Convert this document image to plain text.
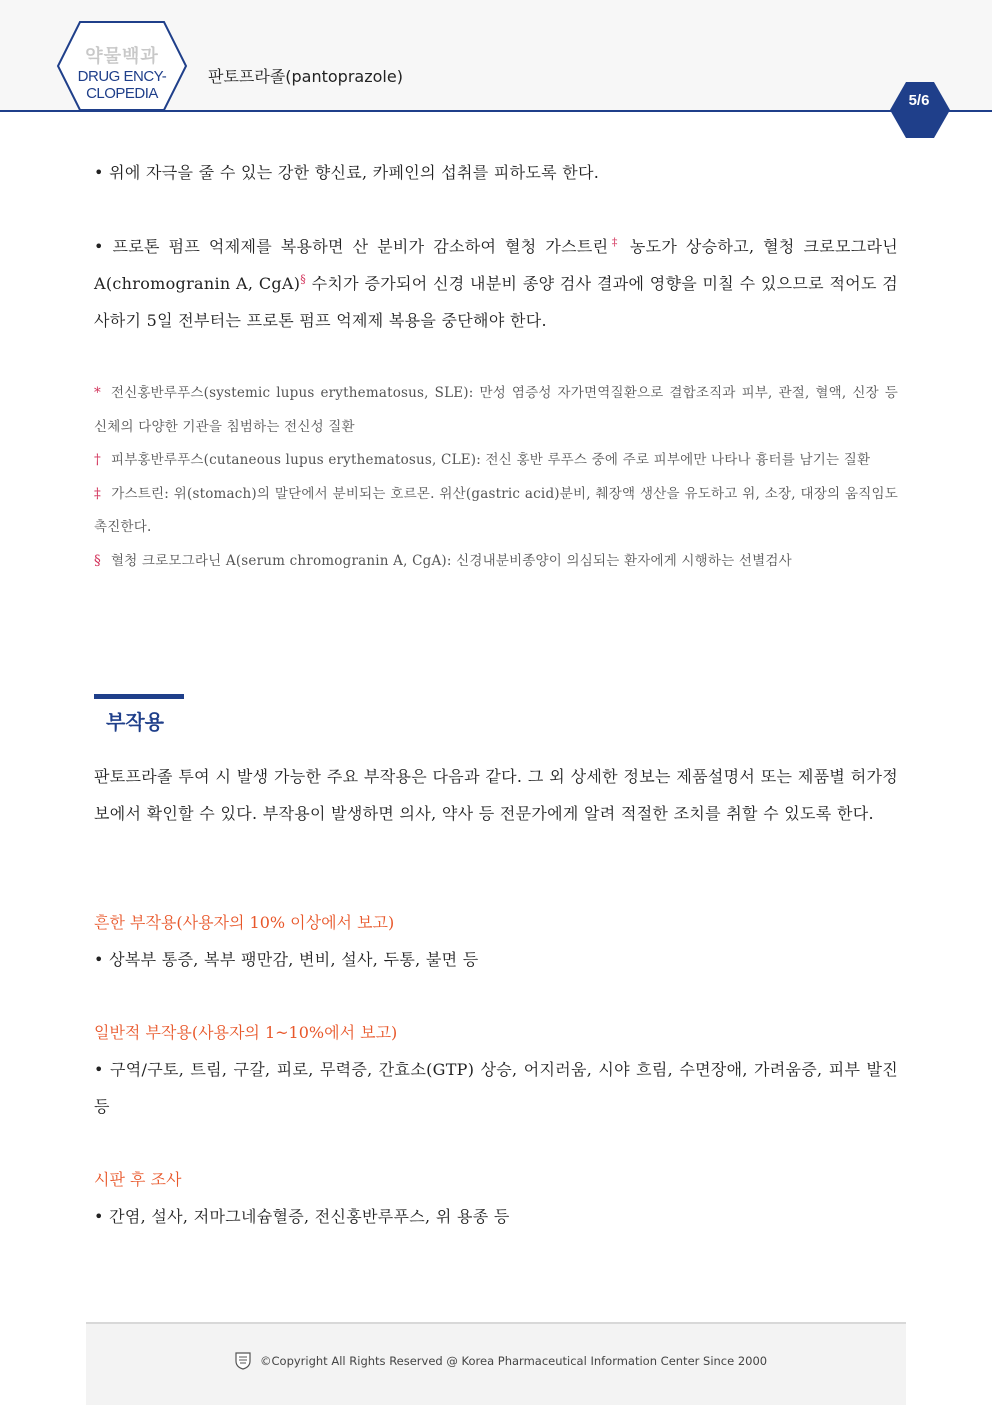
약물백과
DRUG ENCY-
CLOPEDIA
판토프라졸(pantoprazole)
5/6

• 위에 자극을 줄 수 있는 강한 향신료, 카페인의 섭취를 피하도록 한다.

• 프로톤 펌프 억제제를 복용하면 산 분비가 감소하여 혈청 가스트린‡ 농도가 상승하고, 혈청 크로모그라닌 A(chromogranin A, CgA)§ 수치가 증가되어 신경 내분비 종양 검사 결과에 영향을 미칠 수 있으므로 적어도 검사하기 5일 전부터는 프로톤 펌프 억제제 복용을 중단해야 한다.

* 전신홍반루푸스(systemic lupus erythematosus, SLE): 만성 염증성 자가면역질환으로 결합조직과 피부, 관절, 혈액, 신장 등 신체의 다양한 기관을 침범하는 전신성 질환

† 피부홍반루푸스(cutaneous lupus erythematosus, CLE): 전신 홍반 루푸스 중에 주로 피부에만 나타나 흉터를 남기는 질환

‡ 가스트린: 위(stomach)의 말단에서 분비되는 호르몬. 위산(gastric acid)분비, 췌장액 생산을 유도하고 위, 소장, 대장의 움직임도 촉진한다.

§ 혈청 크로모그라닌 A(serum chromogranin A, CgA): 신경내분비종양이 의심되는 환자에게 시행하는 선별검사

부작용

판토프라졸 투여 시 발생 가능한 주요 부작용은 다음과 같다. 그 외 상세한 정보는 제품설명서 또는 제품별 허가정보에서 확인할 수 있다. 부작용이 발생하면 의사, 약사 등 전문가에게 알려 적절한 조치를 취할 수 있도록 한다.

흔한 부작용(사용자의 10% 이상에서 보고)

• 상복부 통증, 복부 팽만감, 변비, 설사, 두통, 불면 등

일반적 부작용(사용자의 1~10%에서 보고)

• 구역/구토, 트림, 구갈, 피로, 무력증, 간효소(GTP) 상승, 어지러움, 시야 흐림, 수면장애, 가려움증, 피부 발진 등

시판 후 조사

• 간염, 설사, 저마그네슘혈증, 전신홍반루푸스, 위 용종 등

©Copyright All Rights Reserved @ Korea Pharmaceutical Information Center Since 2000
